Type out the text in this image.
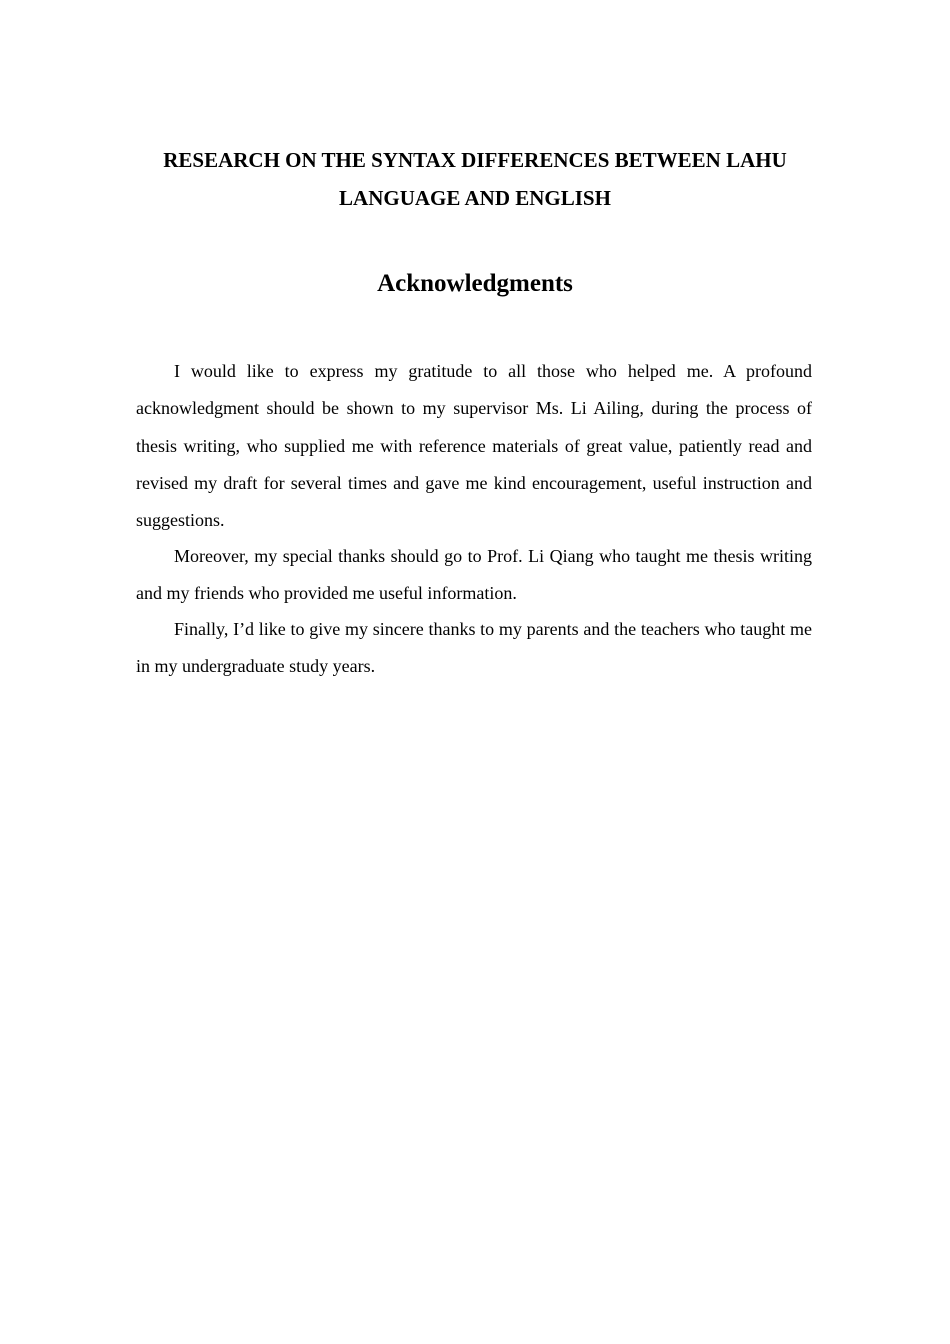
RESEARCH ON THE SYNTAX DIFFERENCES BETWEEN LAHU LANGUAGE AND ENGLISH
Acknowledgments

I would like to express my gratitude to all those who helped me. A profound acknowledgment should be shown to my supervisor Ms. Li Ailing, during the process of thesis writing, who supplied me with reference materials of great value, patiently read and revised my draft for several times and gave me kind encouragement, useful instruction and suggestions.

Moreover, my special thanks should go to Prof. Li Qiang who taught me thesis writing and my friends who provided me useful information.

Finally, I’d like to give my sincere thanks to my parents and the teachers who taught me in my undergraduate study years.
